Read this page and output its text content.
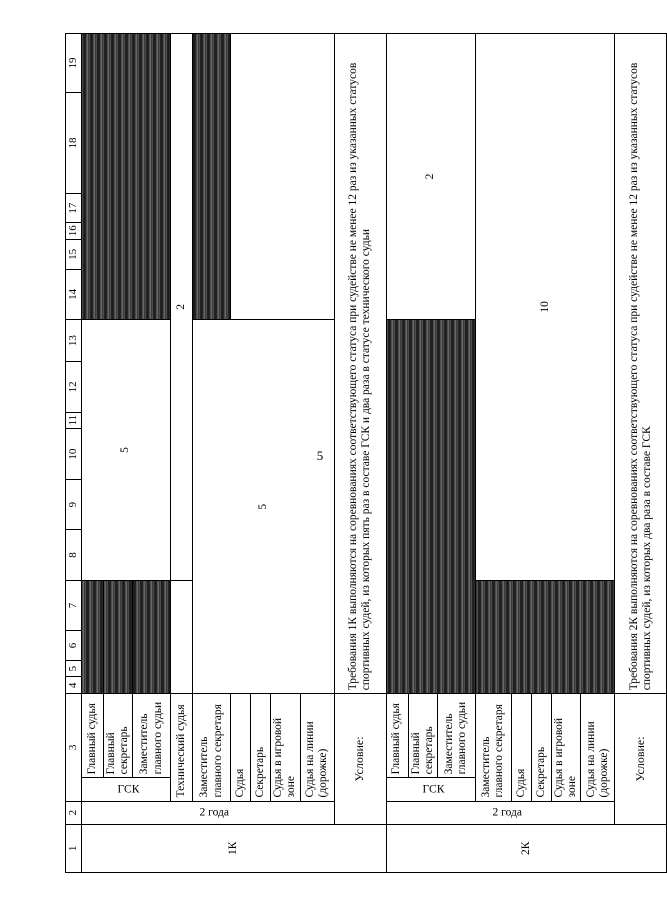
5
1	2	3		4	5	6	7	8	9	10	11	12	13	14	15	16	17	18	19
1К	2 года	ГСК	Главный судья					5											
			Главный секретарь																
			Заместитель главного судьи																
		Технический судья						2											
		Заместитель главного секретаря		5															
		Судья																	
		Секретарь																	
		Судья в игровой зоне																	
		Судья на линии (дорожке)																	
	Условие:			Требования 1К выполняются на соревнованиях соответствующего статуса при судействе не менее 12 раз из указанных статусов спортивных судей, из которых пять раз в составе ГСК и два раза в статусе технического судьи															
2К	2 года	ГСК	Главный судья											2					
			Главный секретарь																
			Заместитель главного судьи																
		Заместитель главного секретаря						10											
		Судья																	
		Секретарь																	
		Судья в игровой зоне																	
		Судья на линии (дорожке)																	
	Условие:			Требования 2К выполняются на соревнованиях соответствующего статуса при судействе не менее 12 раз из указанных статусов спортивных судей, из которых два раза в составе ГСК															
